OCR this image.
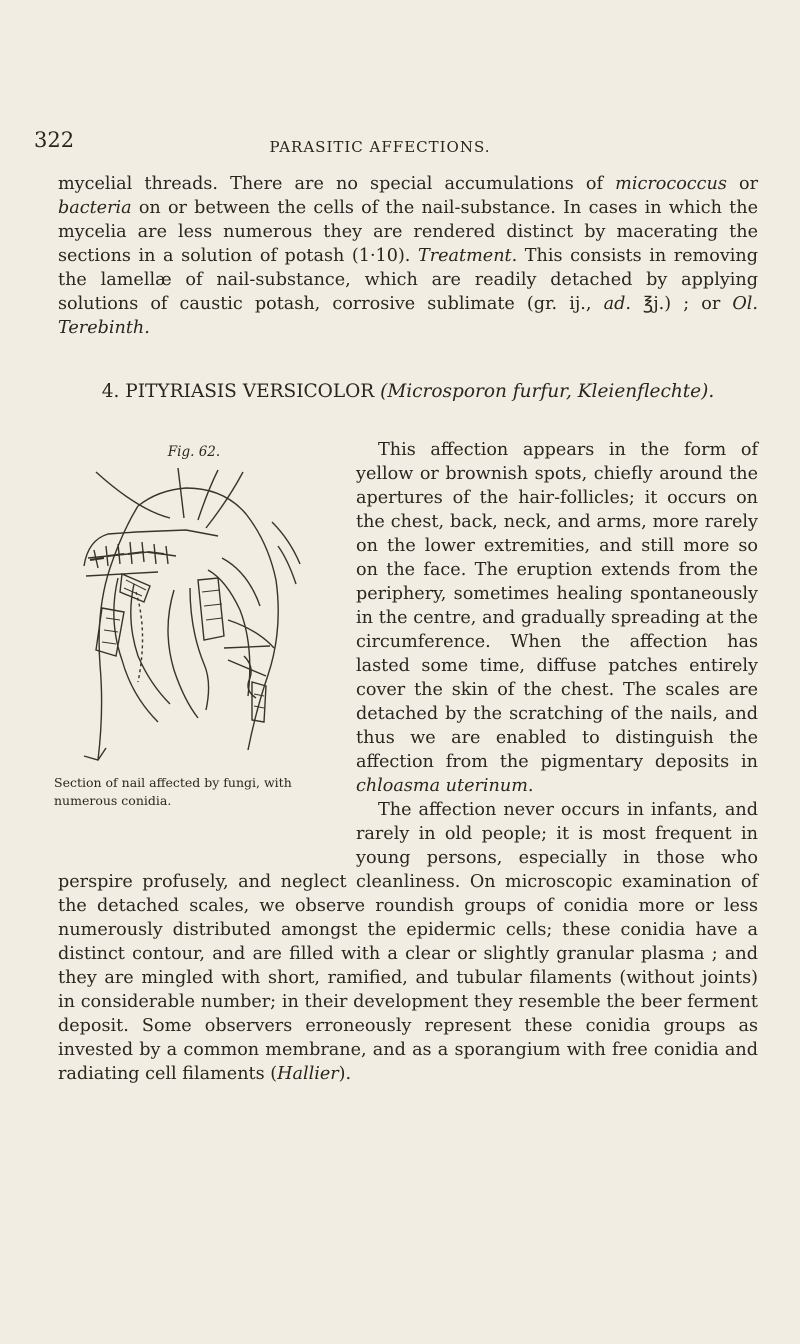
322	PARASITIC AFFECTIONS.

mycelial threads. There are no special accumulations of micrococcus or bacteria on or between the cells of the nail-substance. In cases in which the mycelia are less numerous they are rendered distinct by macerating the sections in a solution of potash (1·10). Treatment. This consists in removing the lamellæ of nail-substance, which are readily detached by applying solutions of caustic potash, corrosive sublimate (gr. ij., ad. ℥j.) ; or Ol. Terebinth.

4. PITYRIASIS VERSICOLOR (Microsporon furfur, Kleienflechte).
Fig. 62.
Section of nail affected by fungi, with numerous conidia.

This affection appears in the form of yellow or brownish spots, chiefly around the apertures of the hair-follicles; it occurs on the chest, back, neck, and arms, more rarely on the lower extremities, and still more so on the face. The eruption extends from the periphery, sometimes healing spontaneously in the centre, and gradually spreading at the circumference. When the affection has lasted some time, diffuse patches entirely cover the skin of the chest. The scales are detached by the scratching of the nails, and thus we are enabled to distinguish the affection from the pigmentary deposits in chloasma uterinum.

The affection never occurs in infants, and rarely in old people; it is most frequent in young persons, especially in those who perspire profusely, and neglect cleanliness. On microscopic examination of the detached scales, we observe roundish groups of conidia more or less numerously distributed amongst the epidermic cells; these conidia have a distinct contour, and are filled with a clear or slightly granular plasma ; and they are mingled with short, ramified, and tubular filaments (without joints) in considerable number; in their development they resemble the beer ferment deposit. Some observers erroneously represent these conidia groups as invested by a common membrane, and as a sporangium with free conidia and radiating cell filaments (Hallier).
